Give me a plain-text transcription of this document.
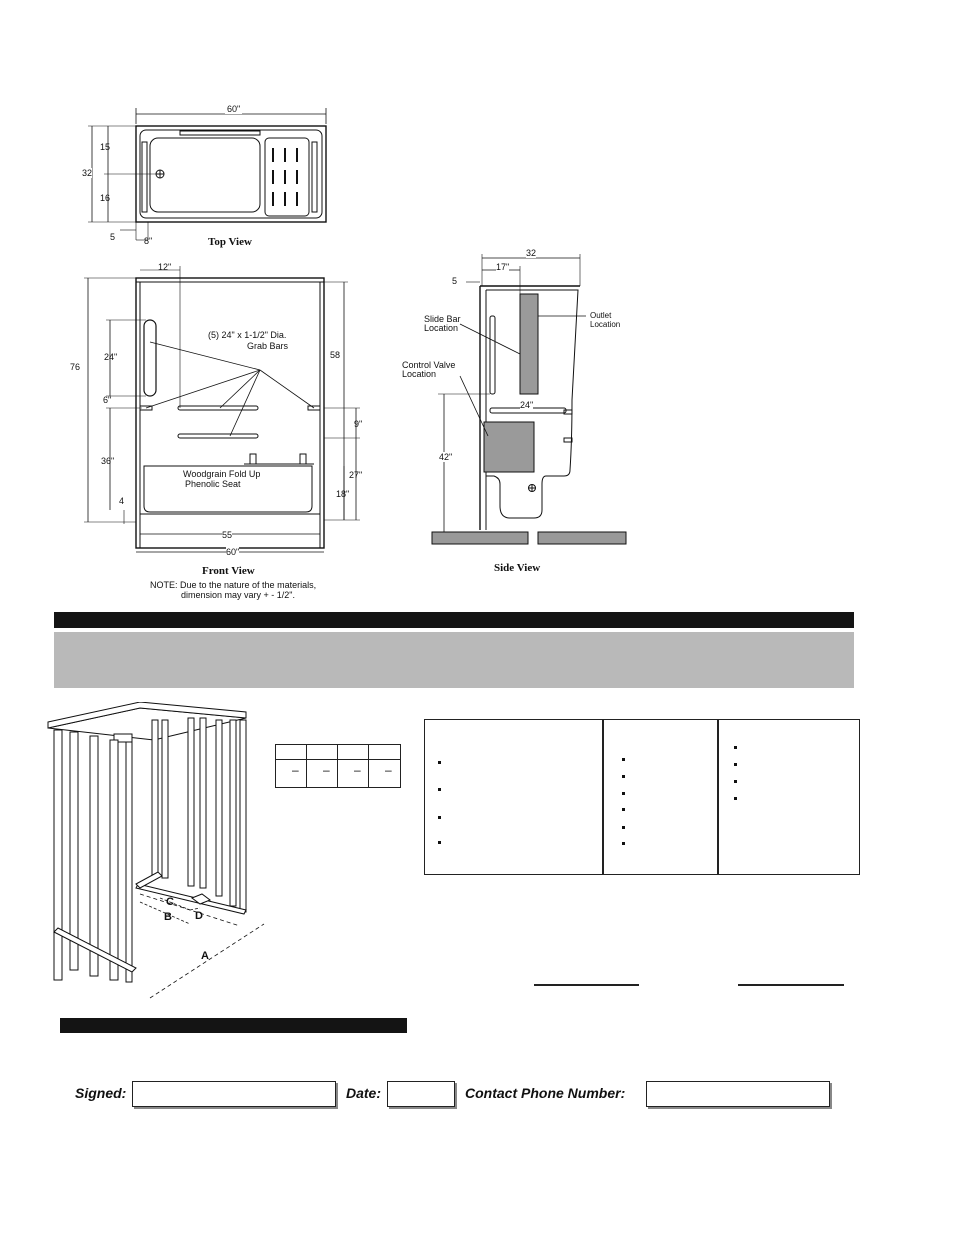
60"
15
32
16
5	8"	Top View
12"
76
58
24"
6"
36"
4
9"
27"
18"
55
60"
(5) 24" x 1-1/2" Dia.
Grab Bars
Woodgrain Fold Up
Phenolic Seat
Front View
NOTE: Due to the nature of the materials,
dimension may vary + - 1/2".
32
17"
5
Slide Bar
Location
Outlet
Location
Control Valve
Location
24"
42"
Side View
C
B D
A
– – – –
Signed:	Date:	Contact Phone Number:
